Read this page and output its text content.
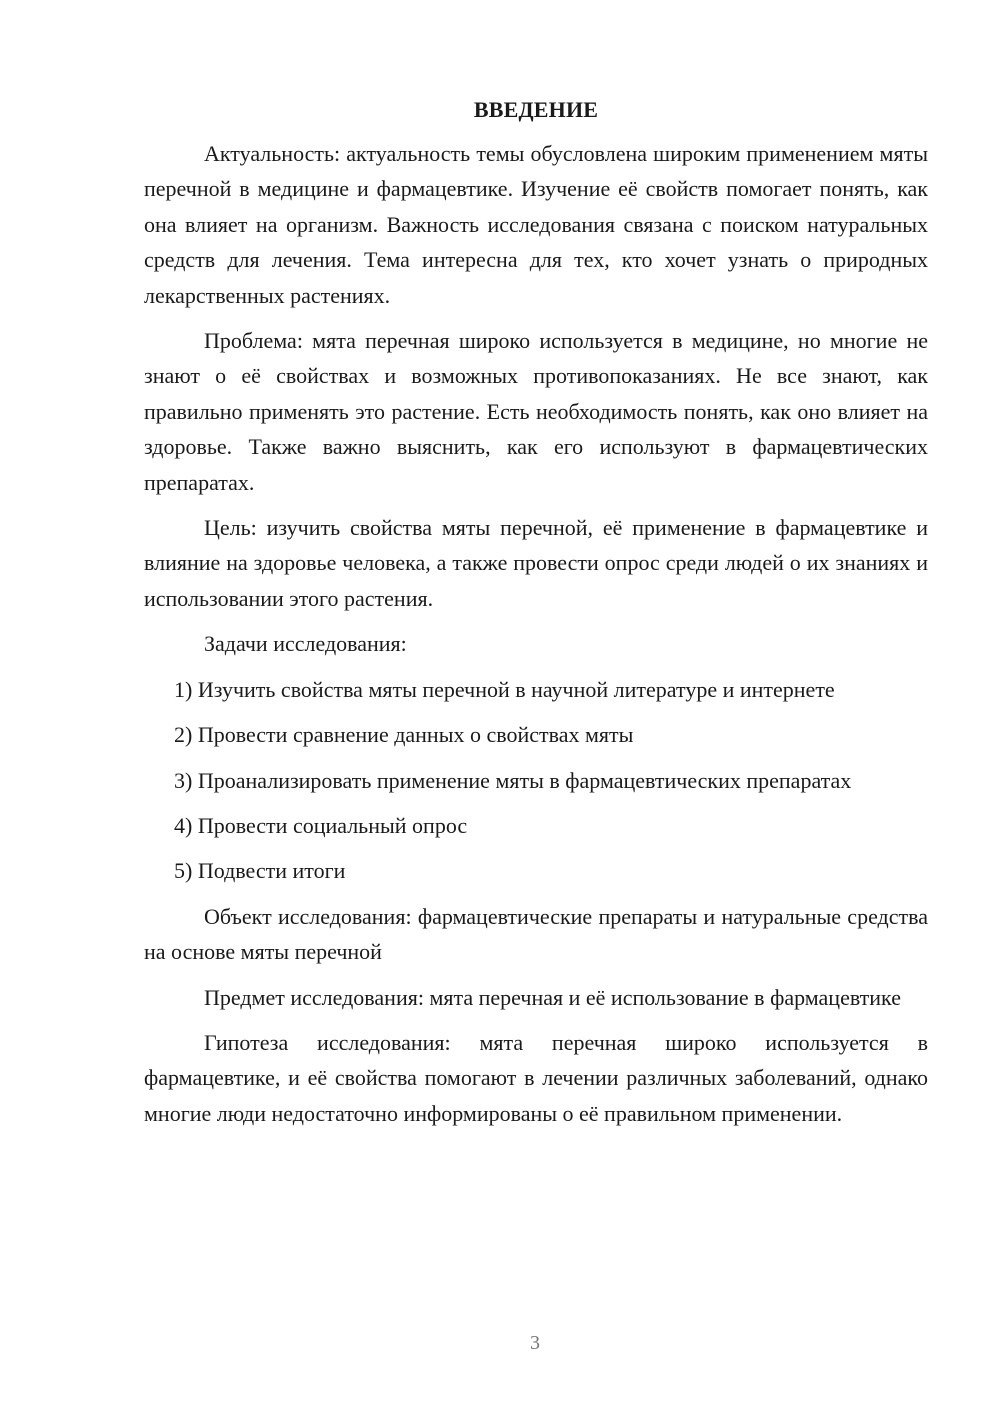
ВВЕДЕНИЕ

Актуальность: актуальность темы обусловлена широким применением мяты перечной в медицине и фармацевтике. Изучение её свойств помогает понять, как она влияет на организм. Важность исследования связана с поиском натуральных средств для лечения. Тема интересна для тех, кто хочет узнать о природных лекарственных растениях.

Проблема: мята перечная широко используется в медицине, но многие не знают о её свойствах и возможных противопоказаниях. Не все знают, как правильно применять это растение. Есть необходимость понять, как оно влияет на здоровье. Также важно выяснить, как его используют в фармацевтических препаратах.

Цель: изучить свойства мяты перечной, её применение в фармацевтике и влияние на здоровье человека, а также провести опрос среди людей о их знаниях и использовании этого растения.

Задачи исследования:

1) Изучить свойства мяты перечной в научной литературе и интернете

2) Провести сравнение данных о свойствах мяты

3) Проанализировать применение мяты в фармацевтических препаратах

4) Провести социальный опрос

5) Подвести итоги

Объект исследования: фармацевтические препараты и натуральные средства на основе мяты перечной

Предмет исследования: мята перечная и её использование в фармацевтике

Гипотеза исследования: мята перечная широко используется в фармацевтике, и её свойства помогают в лечении различных заболеваний, однако многие люди недостаточно информированы о её правильном применении.

3
